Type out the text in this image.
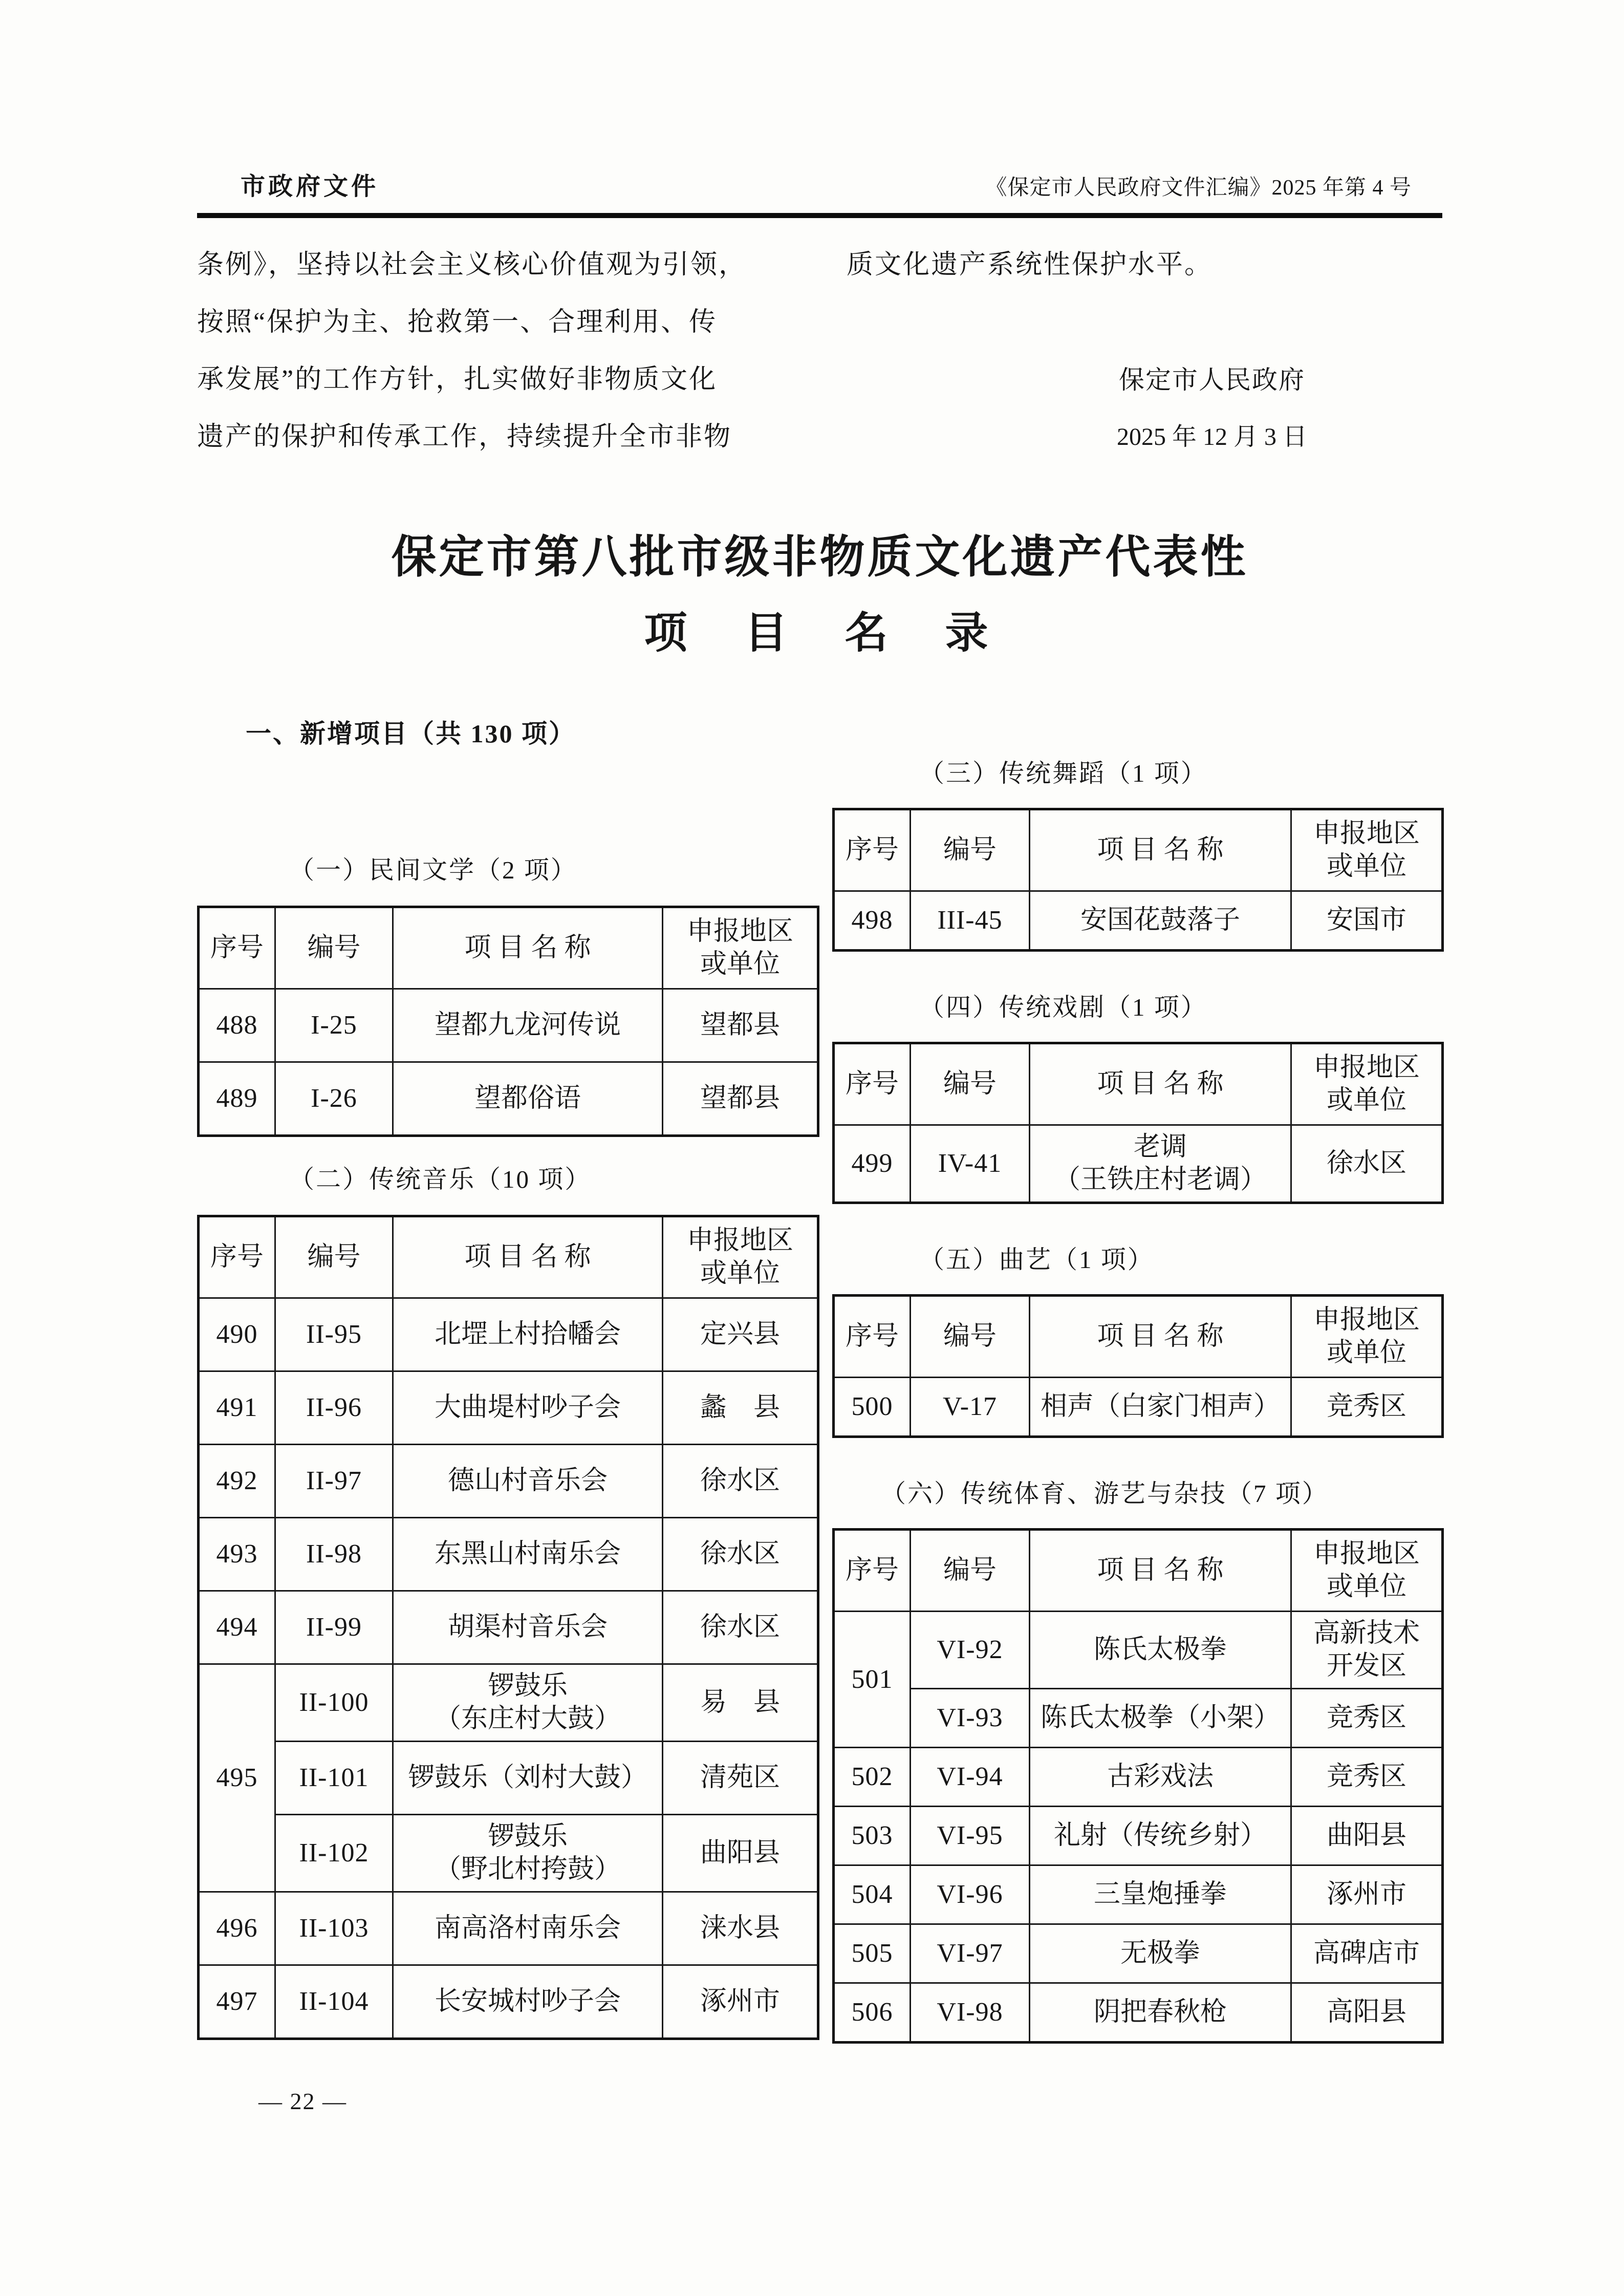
市政府文件	《保定市人民政府文件汇编》2025 年第 4 号
条例》，坚持以社会主义核心价值观为引领，
按照“保护为主、抢救第一、合理利用、传
承发展”的工作方针，扎实做好非物质文化
遗产的保护和传承工作，持续提升全市非物
质文化遗产系统性保护水平。
保定市人民政府
2025 年 12 月 3 日
保定市第八批市级非物质文化遗产代表性
项　目　名　录
一、新增项目（共 130 项）
（一）民间文学（2 项）
序号	编号	项 目 名 称	申报地区
或单位

488	I-25	望都九龙河传说	望都县
489	I-26	望都俗语	望都县
（二）传统音乐（10 项）
序号	编号	项 目 名 称	申报地区
或单位

490	II-95	北堽上村拾幡会	定兴县
491	II-96	大曲堤村吵子会	蠡　县
492	II-97	德山村音乐会	徐水区
493	II-98	东黑山村南乐会	徐水区
494	II-99	胡渠村音乐会	徐水区
495	II-100	锣鼓乐
（东庄村大鼓）	易　县
	II-101	锣鼓乐（刘村大鼓）	清苑区
	II-102	锣鼓乐
（野北村挎鼓）	曲阳县
496	II-103	南高洛村南乐会	涞水县
497	II-104	长安城村吵子会	涿州市
（三）传统舞蹈（1 项）
序号	编号	项 目 名 称	申报地区
或单位

498	III-45	安国花鼓落子	安国市
（四）传统戏剧（1 项）
序号	编号	项 目 名 称	申报地区
或单位

499	IV-41	老调
（王铁庄村老调）	徐水区
（五）曲艺（1 项）
序号	编号	项 目 名 称	申报地区
或单位

500	V-17	相声（白家门相声）	竞秀区
（六）传统体育、游艺与杂技（7 项）
序号	编号	项 目 名 称	申报地区
或单位

501	VI-92	陈氏太极拳	高新技术
开发区

	VI-93	陈氏太极拳（小架）	竞秀区
502	VI-94	古彩戏法	竞秀区
503	VI-95	礼射（传统乡射）	曲阳县
504	VI-96	三皇炮捶拳	涿州市
505	VI-97	无极拳	高碑店市
506	VI-98	阴把春秋枪	高阳县
— 22 —
